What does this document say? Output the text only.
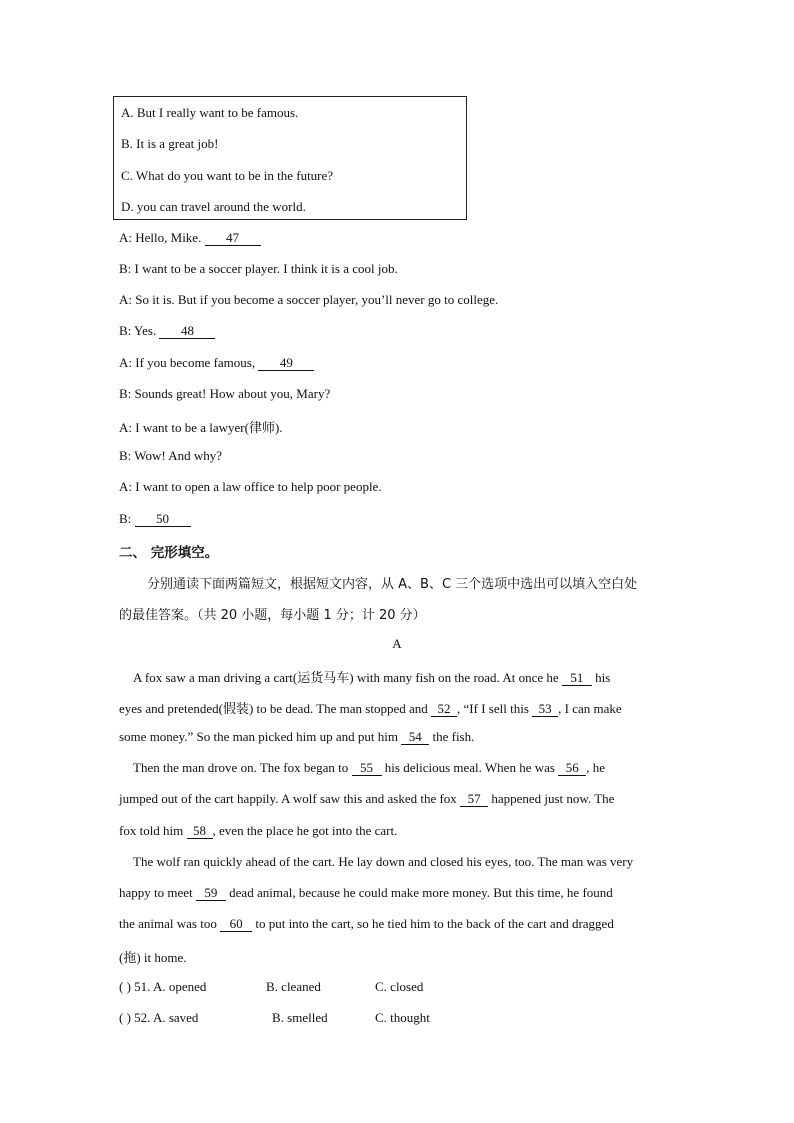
A. But I really want to be famous.
B. It is a great job!
C. What do you want to be in the future?
D. you can travel around the world.
A: Hello, Mike. 47
B: I want to be a soccer player. I think it is a cool job.
A: So it is. But if you become a soccer player, you’ll never go to college.
B: Yes. 48
A: If you become famous, 49
B: Sounds great! How about you, Mary?
A: I want to be a lawyer(律师).
B: Wow! And why?
A: I want to open a law office to help poor people.
B: 50
二、 完形填空。
分别通读下面两篇短文，根据短文内容，从 A、B、C 三个选项中选出可以填入空白处
的最佳答案。（共 20 小题，每小题 1 分；计 20 分）
A
A fox saw a man driving a cart(运货马车) with many fish on the road. At once he 51 his
eyes and pretended(假装) to be dead. The man stopped and 52 , “If I sell this 53 , I can make
some money.” So the man picked him up and put him 54 the fish.
Then the man drove on. The fox began to 55 his delicious meal. When he was 56 , he
jumped out of the cart happily. A wolf saw this and asked the fox 57 happened just now. The
fox told him 58 , even the place he got into the cart.
The wolf ran quickly ahead of the cart. He lay down and closed his eyes, too. The man was very
happy to meet 59 dead animal, because he could make more money. But this time, he found
the animal was too 60 to put into the cart, so he tied him to the back of the cart and dragged
(拖) it home.
( ) 51. A. opened	B. cleaned	C. closed
( ) 52. A. saved	B. smelled	C. thought
